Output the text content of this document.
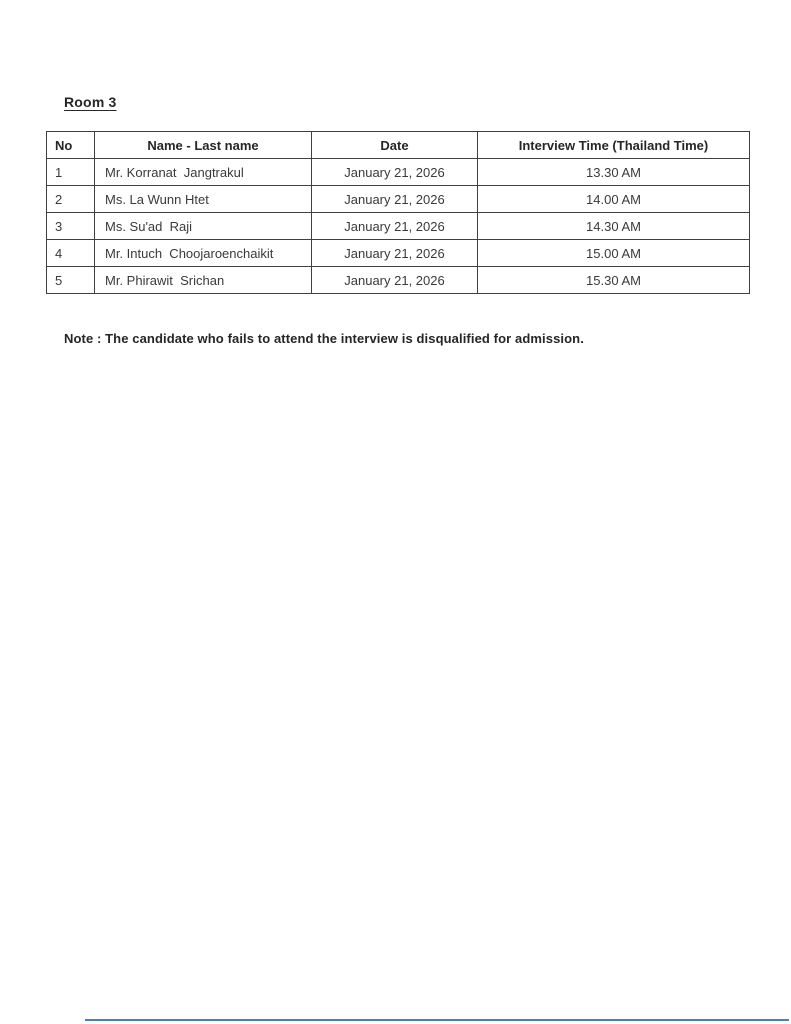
Room 3
No	Name - Last name	Date	Interview Time (Thailand Time)
1	Mr. Korranat  Jangtrakul	January 21, 2026	13.30 AM
2	Ms. La Wunn Htet	January 21, 2026	14.00 AM
3	Ms. Su'ad  Raji	January 21, 2026	14.30 AM
4	Mr. Intuch  Choojaroenchaikit	January 21, 2026	15.00 AM
5	Mr. Phirawit  Srichan	January 21, 2026	15.30 AM
Note : The candidate who fails to attend the interview is disqualified for admission.
